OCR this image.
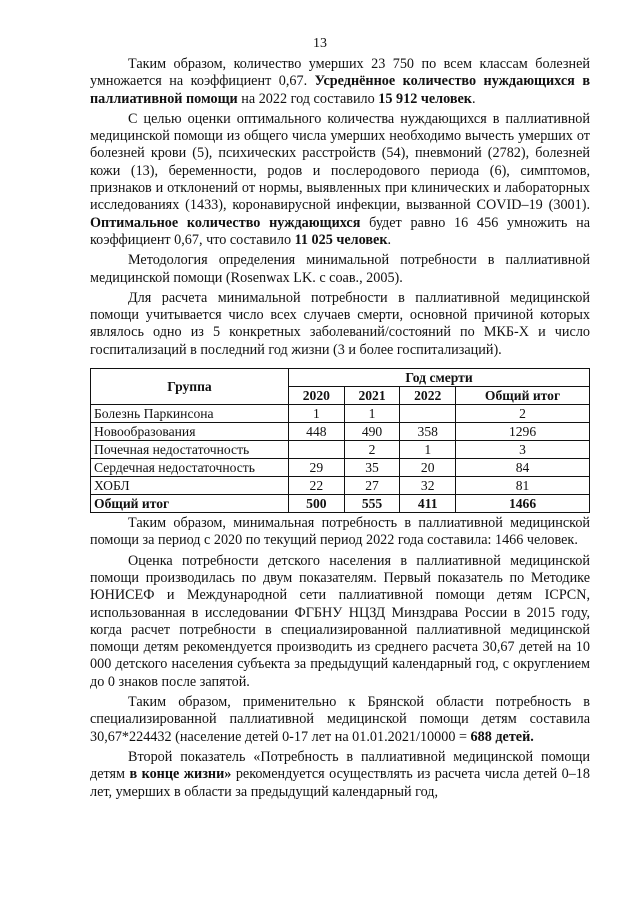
13

Таким образом, количество умерших 23 750 по всем классам болезней умножается на коэффициент 0,67. Усреднённое количество нуждающихся в паллиативной помощи на 2022 год составило 15 912 человек.

С целью оценки оптимального количества нуждающихся в паллиативной медицинской помощи из общего числа умерших необходимо вычесть умерших от болезней крови (5), психических расстройств (54), пневмоний (2782), болезней кожи (13), беременности, родов и послеродового периода (6), симптомов, признаков и отклонений от нормы, выявленных при клинических и лабораторных исследованиях (1433), коронавирусной инфекции, вызванной COVID–19 (3001). Оптимальное количество нуждающихся будет равно 16 456 умножить на коэффициент 0,67, что составило 11 025 человек.

Методология определения минимальной потребности в паллиативной медицинской помощи (Rosenwax LK. с соав., 2005).

Для расчета минимальной потребности в паллиативной медицинской помощи учитывается число всех случаев смерти, основной причиной которых являлось одно из 5 конкретных заболеваний/состояний по МКБ-X и число госпитализаций в последний год жизни (3 и более госпитализаций).

Группа	Год смерти			
	2020	2021	2022	Общий итог
Болезнь Паркинсона	1	1		2
Новообразования	448	490	358	1296
Почечная недостаточность		2	1	3
Сердечная недостаточность	29	35	20	84
ХОБЛ	22	27	32	81
Общий итог	500	555	411	1466

Таким образом, минимальная потребность в паллиативной медицинской помощи за период с 2020 по текущий период 2022 года составила: 1466 человек.

Оценка потребности детского населения в паллиативной медицинской помощи производилась по двум показателям. Первый показатель по Методике ЮНИСЕФ и Международной сети паллиативной помощи детям ICPCN, использованная в исследовании ФГБНУ НЦЗД Минздрава России в 2015 году, когда расчет потребности в специализированной паллиативной медицинской помощи детям рекомендуется производить из среднего расчета 30,67 детей на 10 000 детского населения субъекта за предыдущий календарный год, с округлением до 0 знаков после запятой.

Таким образом, применительно к Брянской области потребность в специализированной паллиативной медицинской помощи детям составила 30,67*224432 (население детей 0-17 лет на 01.01.2021/10000 = 688 детей.

Второй показатель «Потребность в паллиативной медицинской помощи детям в конце жизни» рекомендуется осуществлять из расчета числа детей 0–18 лет, умерших в области за предыдущий календарный год,
